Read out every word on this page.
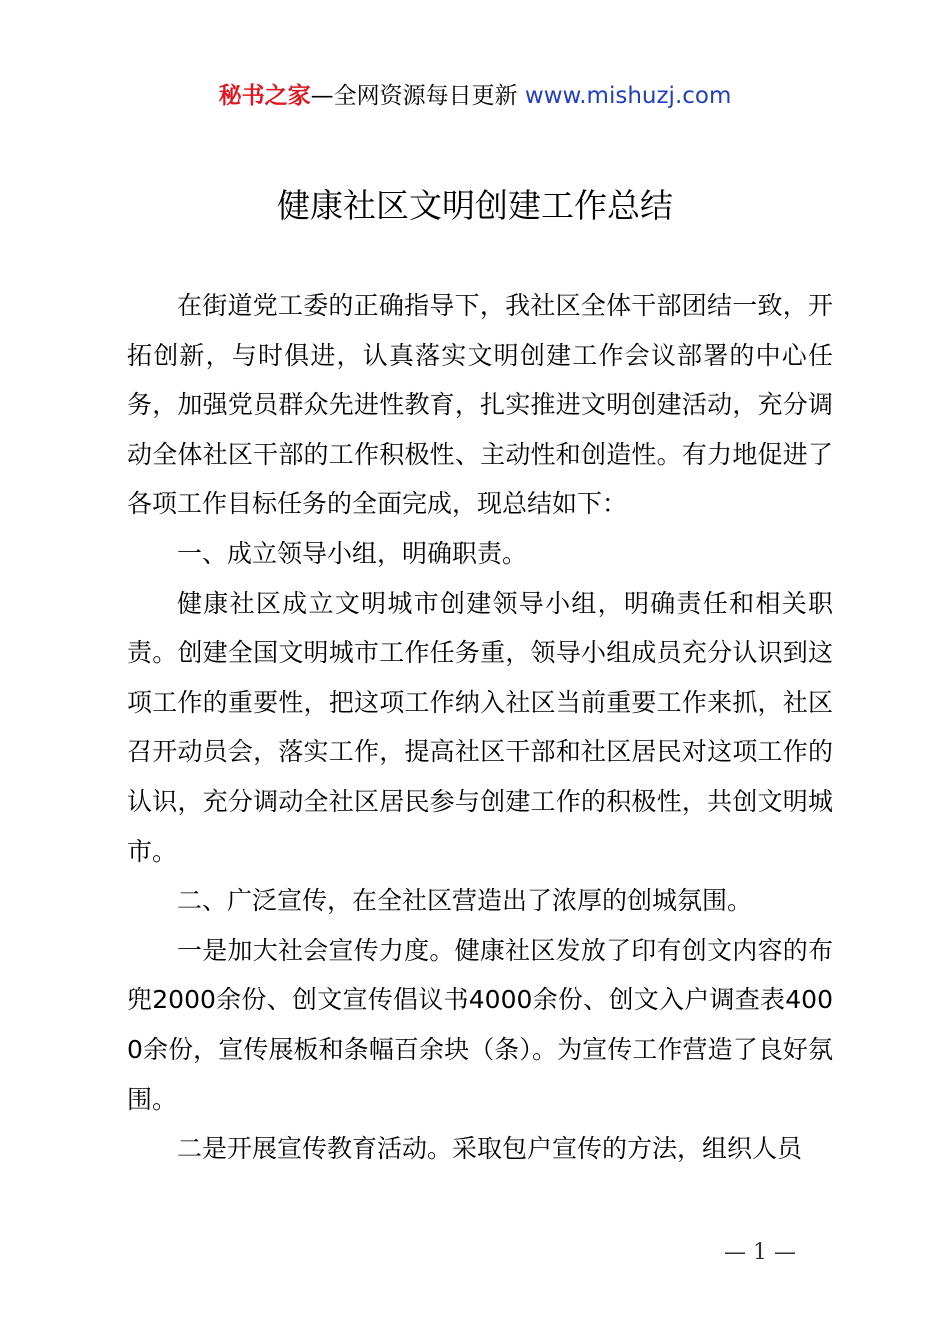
秘书之家—全网资源每日更新 www.mishuzj.com
健康社区文明创建工作总结

在街道党工委的正确指导下，我社区全体干部团结一致，开拓创新，与时俱进，认真落实文明创建工作会议部署的中心任务，加强党员群众先进性教育，扎实推进文明创建活动，充分调动全体社区干部的工作积极性、主动性和创造性。有力地促进了各项工作目标任务的全面完成，现总结如下：

一、成立领导小组，明确职责。

健康社区成立文明城市创建领导小组，明确责任和相关职责。创建全国文明城市工作任务重，领导小组成员充分认识到这项工作的重要性，把这项工作纳入社区当前重要工作来抓，社区召开动员会，落实工作，提高社区干部和社区居民对这项工作的认识，充分调动全社区居民参与创建工作的积极性，共创文明城市。

二、广泛宣传，在全社区营造出了浓厚的创城氛围。

一是加大社会宣传力度。健康社区发放了印有创文内容的布兜2000余份、创文宣传倡议书4000余份、创文入户调查表4000余份，宣传展板和条幅百余块（条）。为宣传工作营造了良好氛围。

二是开展宣传教育活动。采取包户宣传的方法，组织人员

— 1 —
